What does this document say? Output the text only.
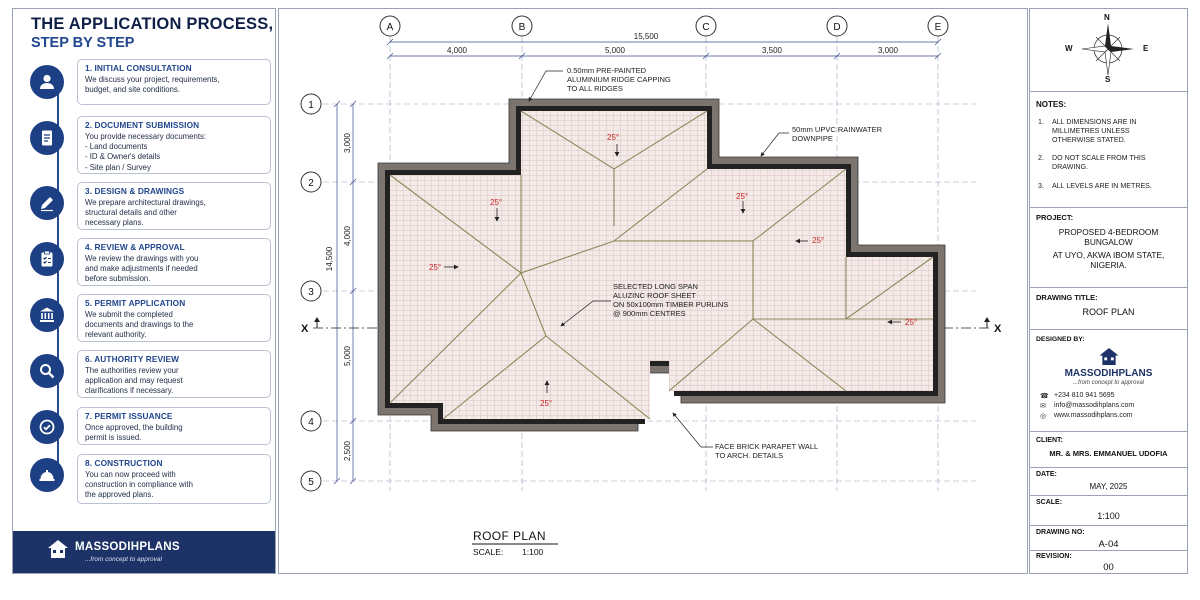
THE APPLICATION PROCESS,
STEP BY STEP
1. INITIAL CONSULTATION
We discuss your project, requirements,
budget, and site conditions.
2. DOCUMENT SUBMISSION
You provide necessary documents:
- Land documents
- ID & Owner's details
- Site plan / Survey
3. DESIGN & DRAWINGS
We prepare architectural drawings,
structural details and other
necessary plans.
4. REVIEW & APPROVAL
We review the drawings with you
and make adjustments if needed
before submission.
5. PERMIT APPLICATION
We submit the completed
documents and drawings to the
relevant authority.
6. AUTHORITY REVIEW
The authorities review your
application and may request
clarifications if necessary.
7. PERMIT ISSUANCE
Once approved, the building
permit is issued.
8. CONSTRUCTION
You can now proceed with
construction in compliance with
the approved plans.
MASSODIHPLANS
...from concept to approval
A	B	C	D	E
1
2
3
4
5
15,500
4,000	5,000	3,500	3,000
14,500
3,000
4,000
5,000
2,500
X	X
25°
25°
25°
25°
25°
25°
25°
0.50mm PRE-PAINTED ALUMINIUM RIDGE CAPPING TO ALL RIDGES
50mm UPVC RAINWATER DOWNPIPE
SELECTED LONG SPAN ALUZINC ROOF SHEET ON 50x100mm TIMBER PURLINS @ 900mm CENTRES
FACE BRICK PARAPET WALL TO ARCH. DETAILS
ROOF PLAN
SCALE: 1:100
N
S
E
W
NOTES:
1. ALL DIMENSIONS ARE IN
MILLIMETRES UNLESS
OTHERWISE STATED.
2. DO NOT SCALE FROM THIS
DRAWING.
3. ALL LEVELS ARE IN METRES.
PROJECT:
PROPOSED 4-BEDROOM
BUNGALOW
AT UYO, AKWA IBOM STATE,
NIGERIA.
DRAWING TITLE:
ROOF PLAN
DESIGNED BY:
MASSODIHPLANS
...from concept to approval
☎ +234 810 941 5695
✉ info@massodihplans.com
◎ www.massodihplans.com
CLIENT:
MR. & MRS. EMMANUEL UDOFIA
DATE:
MAY, 2025
SCALE:
1:100
DRAWING NO:
A-04
REVISION:
00
